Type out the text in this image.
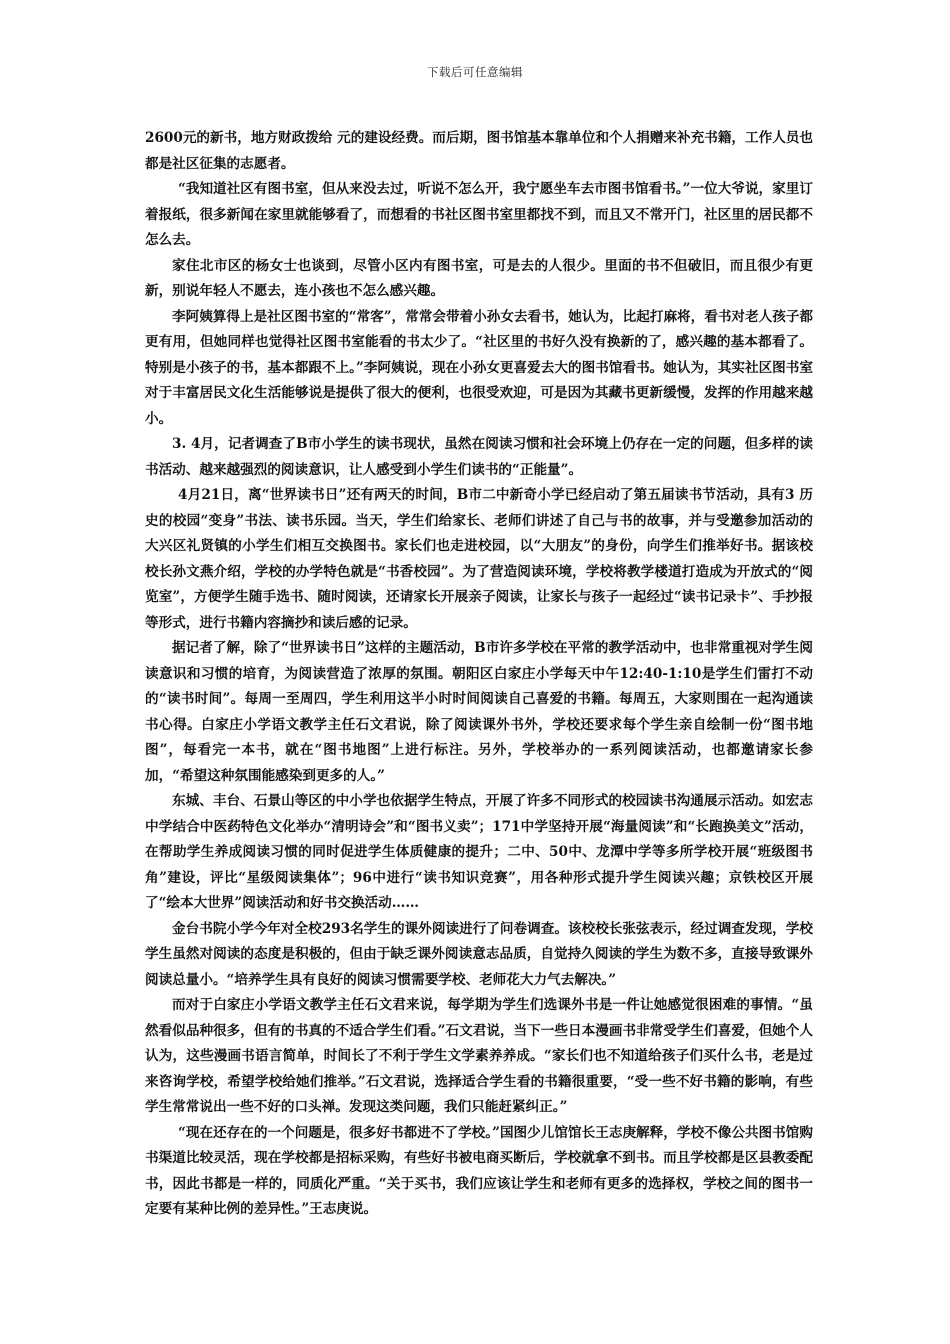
下载后可任意编辑

2600元的新书，地方财政拨给 元的建设经费。而后期，图书馆基本靠单位和个人捐赠来补充书籍，工作人员也都是社区征集的志愿者。

“我知道社区有图书室，但从来没去过，听说不怎么开，我宁愿坐车去市图书馆看书。”一位大爷说，家里订着报纸，很多新闻在家里就能够看了，而想看的书社区图书室里都找不到，而且又不常开门，社区里的居民都不怎么去。

家住北市区的杨女士也谈到，尽管小区内有图书室，可是去的人很少。里面的书不但破旧，而且很少有更新，别说年轻人不愿去，连小孩也不怎么感兴趣。

李阿姨算得上是社区图书室的“常客”，常常会带着小孙女去看书，她认为，比起打麻将，看书对老人孩子都更有用，但她同样也觉得社区图书室能看的书太少了。“社区里的书好久没有换新的了，感兴趣的基本都看了。特别是小孩子的书，基本都跟不上。”李阿姨说，现在小孙女更喜爱去大的图书馆看书。她认为，其实社区图书室对于丰富居民文化生活能够说是提供了很大的便利，也很受欢迎，可是因为其藏书更新缓慢，发挥的作用越来越小。

3. 4月，记者调查了B市小学生的读书现状，虽然在阅读习惯和社会环境上仍存在一定的问题，但多样的读书活动、越来越强烈的阅读意识，让人感受到小学生们读书的“正能量”。

4月21日，离“世界读书日”还有两天的时间，B市二中新奇小学已经启动了第五届读书节活动，具有3 历史的校园“变身”书法、读书乐园。当天，学生们给家长、老师们讲述了自己与书的故事，并与受邀参加活动的大兴区礼贤镇的小学生们相互交换图书。家长们也走进校园，以“大朋友”的身份，向学生们推举好书。据该校校长孙文燕介绍，学校的办学特色就是“书香校园”。为了营造阅读环境，学校将教学楼道打造成为开放式的“阅览室”，方便学生随手选书、随时阅读，还请家长开展亲子阅读，让家长与孩子一起经过“读书记录卡”、手抄报等形式，进行书籍内容摘抄和读后感的记录。

据记者了解，除了“世界读书日”这样的主题活动，B市许多学校在平常的教学活动中，也非常重视对学生阅读意识和习惯的培育，为阅读营造了浓厚的氛围。朝阳区白家庄小学每天中午12:40-1:10是学生们雷打不动的“读书时间”。每周一至周四，学生利用这半小时时间阅读自己喜爱的书籍。每周五，大家则围在一起沟通读书心得。白家庄小学语文教学主任石文君说，除了阅读课外书外，学校还要求每个学生亲自绘制一份“图书地图”，每看完一本书，就在“图书地图”上进行标注。另外，学校举办的一系列阅读活动，也都邀请家长参加，“希望这种氛围能感染到更多的人。”

东城、丰台、石景山等区的中小学也依据学生特点，开展了许多不同形式的校园读书沟通展示活动。如宏志中学结合中医药特色文化举办“清明诗会”和“图书义卖”；171中学坚持开展“海量阅读”和“长跑换美文”活动，在帮助学生养成阅读习惯的同时促进学生体质健康的提升；二中、50中、龙潭中学等多所学校开展“班级图书角”建设，评比“星级阅读集体”；96中进行“读书知识竞赛”，用各种形式提升学生阅读兴趣；京铁校区开展了“绘本大世界”阅读活动和好书交换活动……

金台书院小学今年对全校293名学生的课外阅读进行了问卷调查。该校校长张弦表示，经过调查发现，学校学生虽然对阅读的态度是积极的，但由于缺乏课外阅读意志品质，自觉持久阅读的学生为数不多，直接导致课外阅读总量小。“培养学生具有良好的阅读习惯需要学校、老师花大力气去解决。”

而对于白家庄小学语文教学主任石文君来说，每学期为学生们选课外书是一件让她感觉很困难的事情。“虽然看似品种很多，但有的书真的不适合学生们看。”石文君说，当下一些日本漫画书非常受学生们喜爱，但她个人认为，这些漫画书语言简单，时间长了不利于学生文学素养养成。“家长们也不知道给孩子们买什么书，老是过来咨询学校，希望学校给她们推举。”石文君说，选择适合学生看的书籍很重要，“受一些不好书籍的影响，有些学生常常说出一些不好的口头禅。发现这类问题，我们只能赶紧纠正。”

“现在还存在的一个问题是，很多好书都进不了学校。”国图少儿馆馆长王志庚解释，学校不像公共图书馆购书渠道比较灵活，现在学校都是招标采购，有些好书被电商买断后，学校就拿不到书。而且学校都是区县教委配书，因此书都是一样的，同质化严重。“关于买书，我们应该让学生和老师有更多的选择权，学校之间的图书一定要有某种比例的差异性。”王志庚说。
